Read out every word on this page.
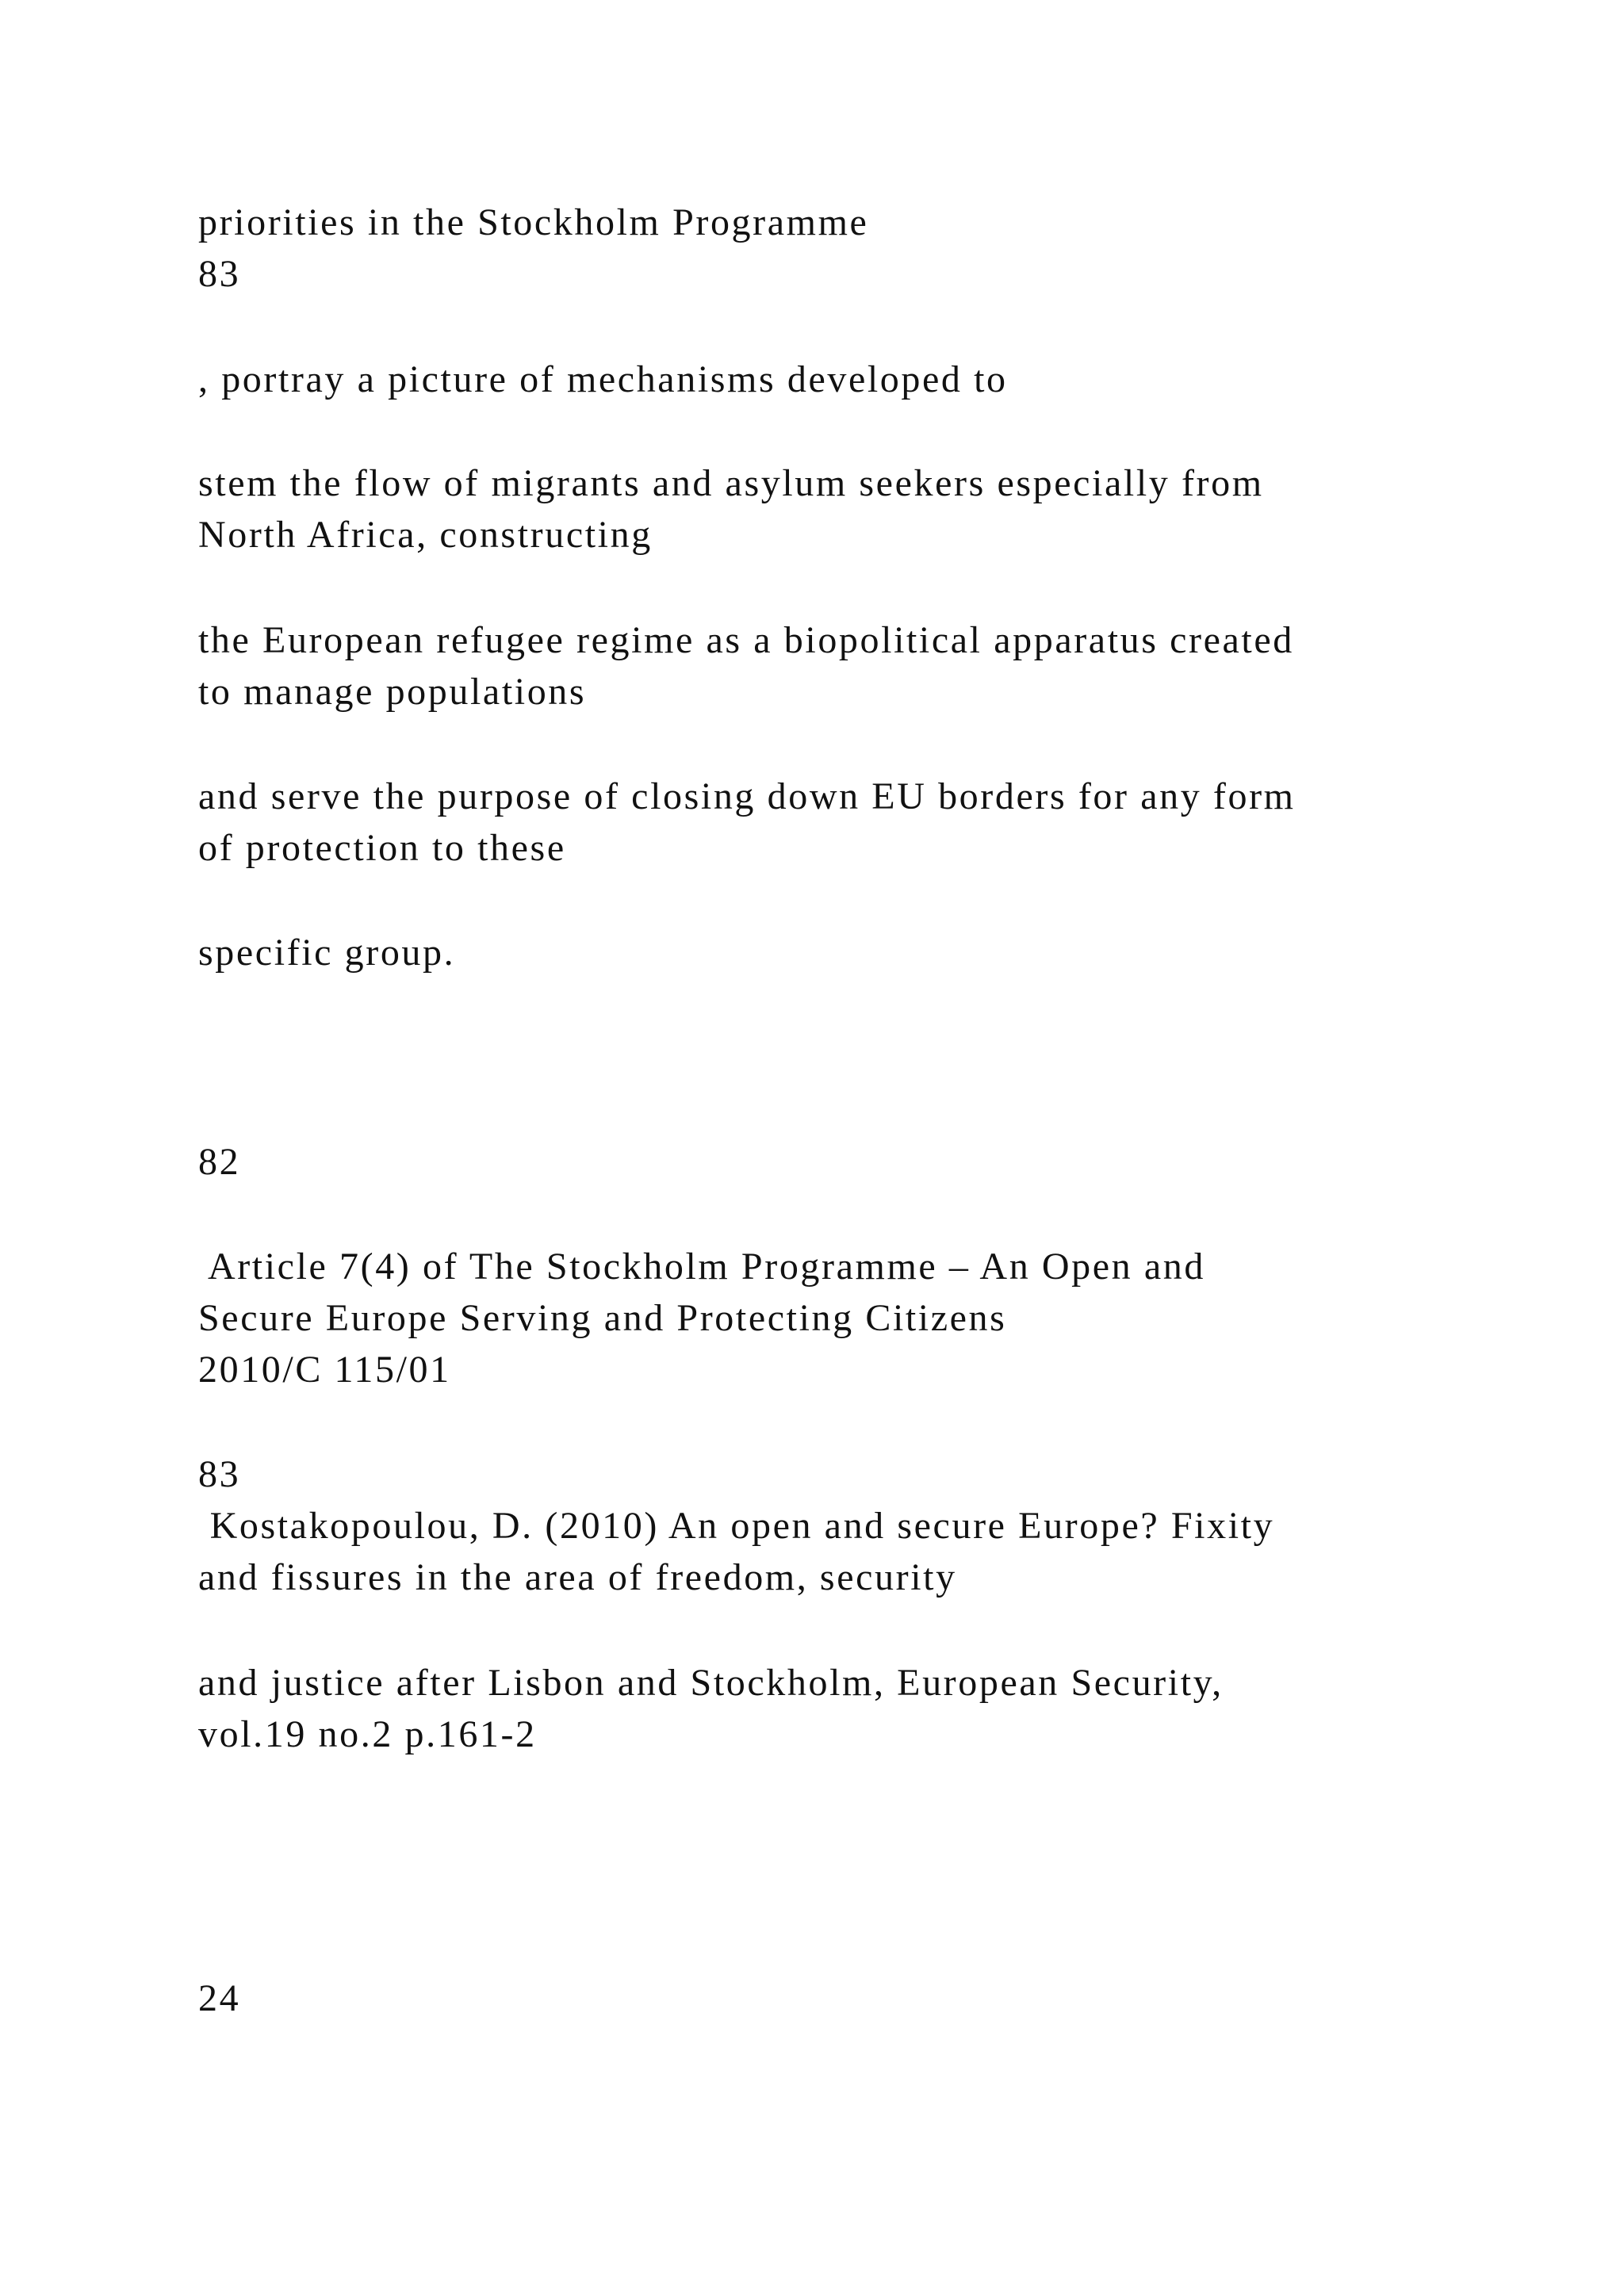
priorities in the Stockholm Programme
83
, portray a picture of mechanisms developed to
stem the flow of migrants and asylum seekers especially from
North Africa, constructing
the European refugee regime as a biopolitical apparatus created
to manage populations
and serve the purpose of closing down EU borders for any form
of protection to these
specific group.
82
Article 7(4) of The Stockholm Programme – An Open and
Secure Europe Serving and Protecting Citizens
2010/C 115/01
83
Kostakopoulou, D. (2010) An open and secure Europe? Fixity
and fissures in the area of freedom, security
and justice after Lisbon and Stockholm, European Security,
vol.19 no.2 p.161-2
24
